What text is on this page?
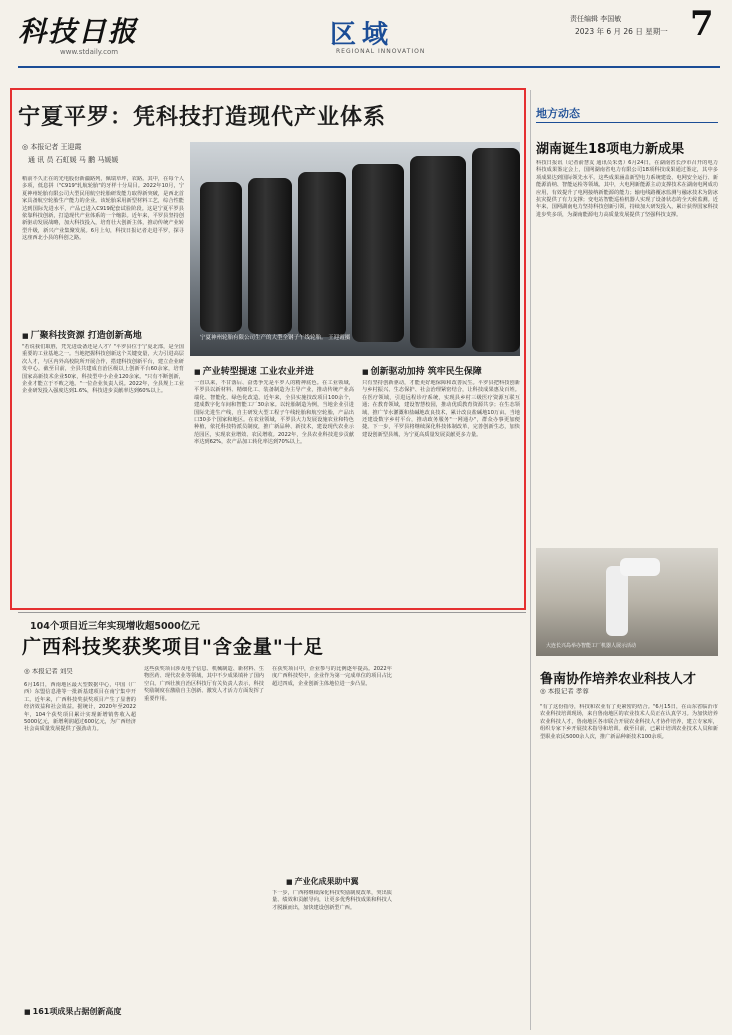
科技日报
www.stdaily.com
区域
REGIONAL INNOVATION
责任编辑 李国敏
2023 年 6 月 26 日 星期一 7
宁夏平罗：凭科技打造现代产业体系
◎ 本报记者 王迎霞
通 讯 员 石虹媛 马 鹏 马媛媛
宁夏神州轮胎有限公司生产的大型全钢子午线轮胎。 王迎霞摄
稍前不久正在的光电股份新疆路列，佩瑞草坪，农路。其中，在每个人多项，低息拼（"C919"轧航轮胎"的牙样十分局目。2022年10月，宁夏神州轮胎有限公司大型民用航空轮胎研发能力取得新突破，是西北首家具备航空轮胎生产能力的企业。该轮胎采用新型材料工艺，综合性能达到国际先进水平，产品已进入C919配套试验阶段。这是宁夏平罗县依靠科技创新，打造现代产业体系的一个缩影。近年来，平罗县坚持创新驱动发展战略，加大科技投入，培育壮大创新主体，推动传统产业转型升级，新兴产业集聚发展。6月上旬，科技日报记者走进平罗，探寻这座西北小县的科创之路。
■ 厂聚科技资源 打造创新高地
"若说我们取胜，凭先进设备还是人才？"平罗县位于宁夏北部，是全国重要的工业基地之一。当地把握科技创新这个关键变量，大力引进高层次人才，与区内外高校院所开展合作，搭建科技创新平台，建立企业研发中心。截至目前，全县共建成自治区级以上创新平台60余家，培育国家高新技术企业50家，科技型中小企业120余家。"只有不断创新，企业才能立于不败之地。"一位企业负责人说。2022年，全县规上工业企业研发投入强度达到1.6%，科技进步贡献率达到60%以上。
■ 产业转型提速 工业农业并进
一直以来，不甘落后、奋勇争先是平罗人的精神底色。在工业领域，平罗县以新材料、精细化工、装备制造为主导产业，推动传统产业高端化、智能化、绿色化改造。近年来，全县实施技改项目100余个，建成数字化车间和智能工厂30余家。以轮胎制造为例，当地企业引进国际先进生产线，自主研发大型工程子午线轮胎和航空轮胎，产品出口30多个国家和地区。在农业领域，平罗县大力发展设施农业和特色种植，依托科技特派员制度，推广新品种、新技术，建设现代农业示范园区，实现农业增效、农民增收。2022年，全县农业科技进步贡献率达到62%，农产品加工转化率达到70%以上。
■ 创新驱动加持 筑牢民生保障
只有坚持创新驱动，才能更好地保障和改善民生。平罗县把科技创新与乡村振兴、生态保护、社会治理紧密结合，让科技成果惠及百姓。在医疗领域，引进远程诊疗系统，实现县乡村三级医疗资源互联互通；在教育领域，建设智慧校园，推动优质教育资源共享；在生态领域，推广节水灌溉和盐碱地改良技术，累计改良盐碱地10万亩。当地还建设数字乡村平台，推动政务服务"一网通办"，群众办事更加便捷。下一步，平罗县将继续深化科技体制改革，完善创新生态，加快建设创新型县城，为宁夏高质量发展贡献更多力量。
地方动态
湖南诞生18项电力新成果
科技日报讯（记者俞慧友 通讯员朱勇）6月24日，在湖南省长沙市召开的电力科技成果鉴定会上，国网湖南省电力有限公司18项科技成果通过鉴定，其中多项成果达到国际领先水平。这些成果涵盖新型电力系统建设、电网安全运行、新能源消纳、智能运检等领域。其中，大电网新能源主动支撑技术在湖南电网成功应用，有效提升了电网接纳新能源的能力；输电线路覆冰监测与融冰技术为防冰抗灾提供了有力支撑；变电站智能巡检机器人实现了设备状态的全天候监测。近年来，国网湖南电力坚持科技创新引领，持续加大研发投入，累计获得国家科技进步奖多项，为湖南能源电力高质量发展提供了坚强科技支撑。
大连长兴岛举办智能工厂机器人展示活动
鲁南协作培养农业科技人才
◎ 本报记者 孝蓉
"有了这份指导，科技和农业有了更紧密的结合。"6月15日，在山东省临沂市农业科技培训现场，来自鲁南地区的农业技术人员正在认真学习。为加快培养农业科技人才，鲁南地区各市联合开展农业科技人才协作培养，建立专家库，组织专家下乡开展技术指导和培训。截至目前，已累计培训农业技术人员和新型职业农民5000余人次，推广新品种新技术100余项。
104个项目近三年实现增收超5000亿元
广西科技奖获奖项目"含金量"十足
◎ 本报记者 刘昊
6月16日，西南地区最大型数据中心，中国（广西）东盟信息港等一批新基建项目在南宁集中开工。近年来，广西科技奖获奖项目产生了显著的经济效益和社会效益。据统计，2020年至2022年，104个获奖项目累计实现新增销售收入超5000亿元，新增利润超过600亿元，为广西经济社会高质量发展提供了强劲动力。
■ 161项成果占据创新高度
这些获奖项目涉及电子信息、机械制造、新材料、生物医药、现代农业等领域，其中不少成果填补了国内空白。广西壮族自治区科技厅有关负责人表示，科技奖励制度在激励自主创新、激发人才活力方面发挥了重要作用。
在获奖项目中，企业参与的比例逐年提高。2022年度广西科技奖中，企业作为第一完成单位的项目占比超过四成，企业创新主体地位进一步凸显。
■ 产业化成果助中翼
下一步，广西将继续深化科技奖励制度改革，突出质量、绩效和贡献导向，让更多优秀科技成果和科技人才脱颖而出，加快建设创新型广西。
